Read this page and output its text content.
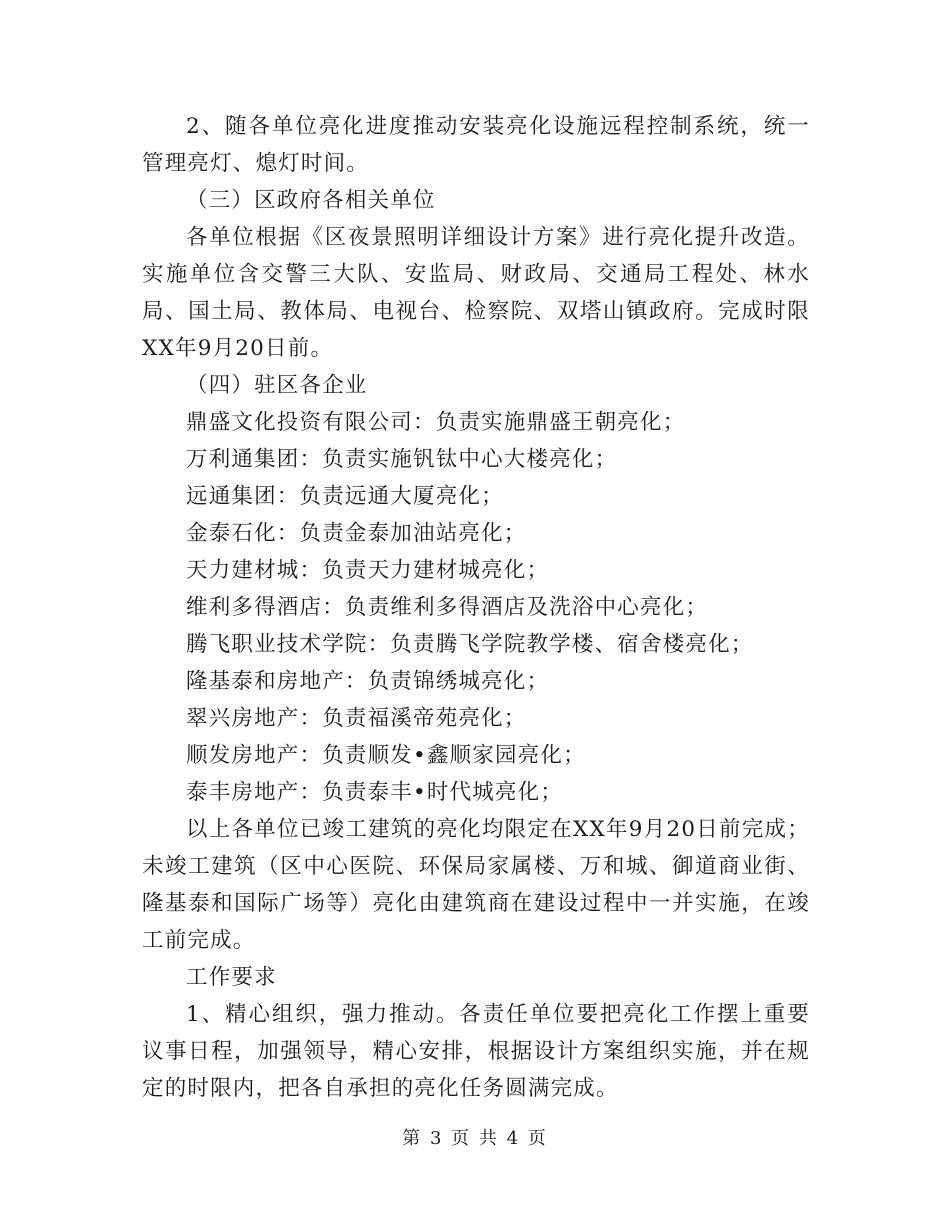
2、随各单位亮化进度推动安装亮化设施远程控制系统，统一管理亮灯、熄灯时间。

（三）区政府各相关单位

各单位根据《区夜景照明详细设计方案》进行亮化提升改造。实施单位含交警三大队、安监局、财政局、交通局工程处、林水局、国土局、教体局、电视台、检察院、双塔山镇政府。完成时限XX年9月20日前。

（四）驻区各企业

鼎盛文化投资有限公司：负责实施鼎盛王朝亮化；

万利通集团：负责实施钒钛中心大楼亮化；

远通集团：负责远通大厦亮化；

金泰石化：负责金泰加油站亮化；

天力建材城：负责天力建材城亮化；

维利多得酒店：负责维利多得酒店及洗浴中心亮化；

腾飞职业技术学院：负责腾飞学院教学楼、宿舍楼亮化；

隆基泰和房地产：负责锦绣城亮化；

翠兴房地产：负责福溪帝苑亮化；

顺发房地产：负责顺发•鑫顺家园亮化；

泰丰房地产：负责泰丰•时代城亮化；

以上各单位已竣工建筑的亮化均限定在XX年9月20日前完成；未竣工建筑（区中心医院、环保局家属楼、万和城、御道商业街、隆基泰和国际广场等）亮化由建筑商在建设过程中一并实施，在竣工前完成。

工作要求

1、精心组织，强力推动。各责任单位要把亮化工作摆上重要议事日程，加强领导，精心安排，根据设计方案组织实施，并在规定的时限内，把各自承担的亮化任务圆满完成。

第 3 页 共 4 页
